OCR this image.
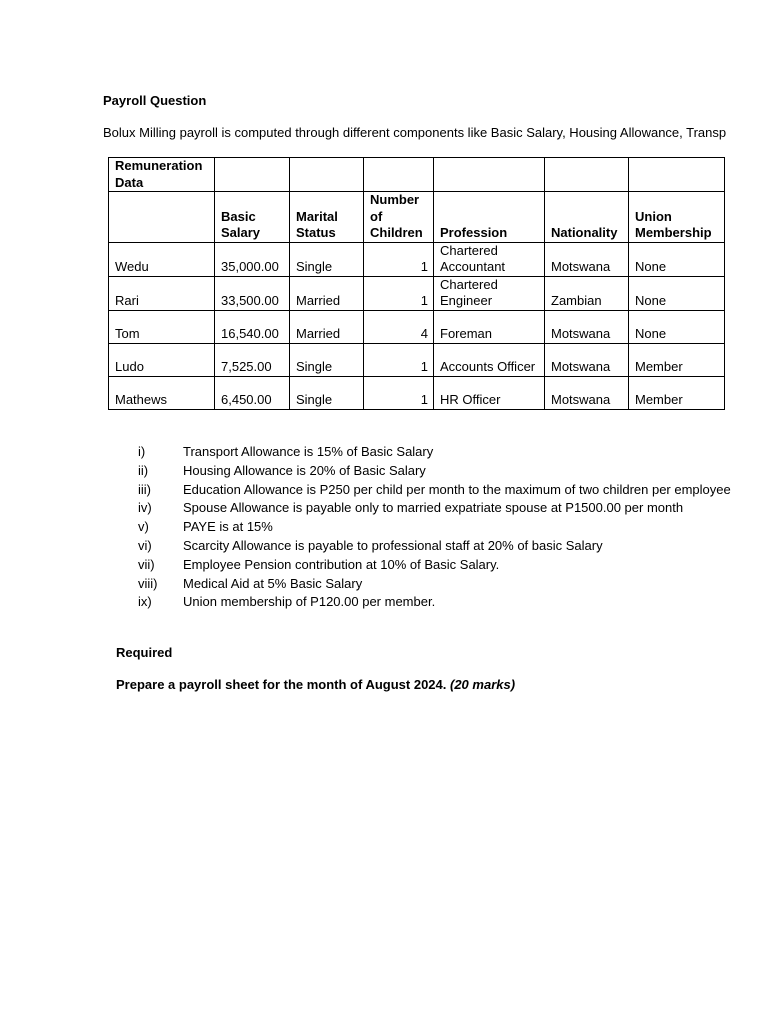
Payroll Question
Bolux Milling payroll is computed through different components like Basic Salary, Housing Allowance, Transp
Remuneration Data						
	Basic Salary	Marital Status	Number of Children	Profession	Nationality	Union Membership
Wedu	35,000.00	Single	1	Chartered Accountant	Motswana	None
Rari	33,500.00	Married	1	Chartered Engineer	Zambian	None
Tom	16,540.00	Married	4	Foreman	Motswana	None
Ludo	7,525.00	Single	1	Accounts Officer	Motswana	Member
Mathews	6,450.00	Single	1	HR Officer	Motswana	Member
i)	Transport Allowance is 15% of Basic Salary
ii)	Housing Allowance is 20% of Basic Salary
iii)	Education Allowance is P250 per child per month to the maximum of two children per employee
iv)	Spouse Allowance is payable only to married expatriate spouse at P1500.00 per month
v)	PAYE is at 15%
vi)	Scarcity Allowance is payable to professional staff at 20% of basic Salary
vii)	Employee Pension contribution at 10% of Basic Salary.
viii)	Medical Aid at 5% Basic Salary
ix)	Union membership of P120.00 per member.
Required
Prepare a payroll sheet for the month of August 2024. (20 marks)
